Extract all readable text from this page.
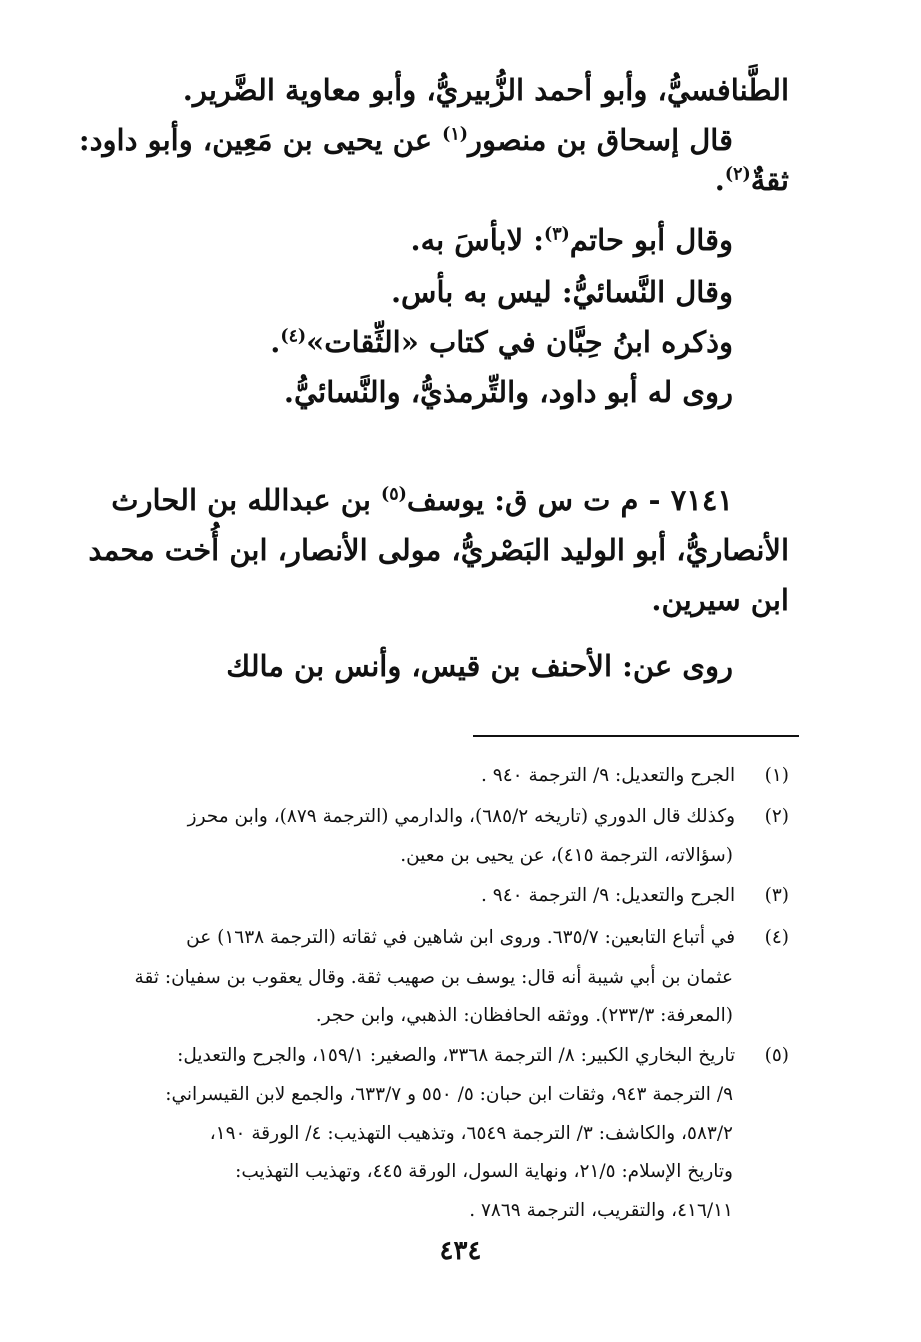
الطَّنافسيُّ، وأبو أحمد الزُّبيريُّ، وأبو معاوية الضَّرير.
قال إسحاق بن منصور$^{(١)}$ عن يحيى بن مَعِين، وأبو داود:
ثقةٌ$^{(٢)}$.
وقال أبو حاتم$^{(٣)}$: لابأسَ به.
وقال النَّسائيُّ: ليس به بأس.
وذكره ابنُ حِبَّان في كتاب «الثِّقات»$^{(٤)}$.
روى له أبو داود، والتِّرمذيُّ، والنَّسائيُّ.
٧١٤١ - م ت س ق: يوسف$^{(٥)}$ بن عبدالله بن الحارث
الأنصاريُّ، أبو الوليد البَصْريُّ، مولى الأنصار، ابن أُخت محمد
ابن سيرين.
روى عن: الأحنف بن قيس، وأنس بن مالك
(١) الجرح والتعديل: ٩/ الترجمة ٩٤٠ .
(٢) وكذلك قال الدوري (تاريخه ٦٨٥/٢)، والدارمي (الترجمة ٨٧٩)، وابن محرز
(سؤالاته، الترجمة ٤١٥)، عن يحيى بن معين.
(٣) الجرح والتعديل: ٩/ الترجمة ٩٤٠ .
(٤) في أتباع التابعين: ٦٣٥/٧. وروى ابن شاهين في ثقاته (الترجمة ١٦٣٨) عن
عثمان بن أبي شيبة أنه قال: يوسف بن صهيب ثقة. وقال يعقوب بن سفيان: ثقة
(المعرفة: ٢٣٣/٣). ووثقه الحافظان: الذهبي، وابن حجر.
(٥) تاريخ البخاري الكبير: ٨/ الترجمة ٣٣٦٨، والصغير: ١٥٩/١، والجرح والتعديل:
٩/ الترجمة ٩٤٣، وثقات ابن حبان: ٥/ ٥٥٠ و ٦٣٣/٧، والجمع لابن القيسراني:
٥٨٣/٢، والكاشف: ٣/ الترجمة ٦٥٤٩، وتذهيب التهذيب: ٤/ الورقة ١٩٠،
وتاريخ الإسلام: ٢١/٥، ونهاية السول، الورقة ٤٤٥، وتهذيب التهذيب:
٤١٦/١١، والتقريب، الترجمة ٧٨٦٩ .
٤٣٤
